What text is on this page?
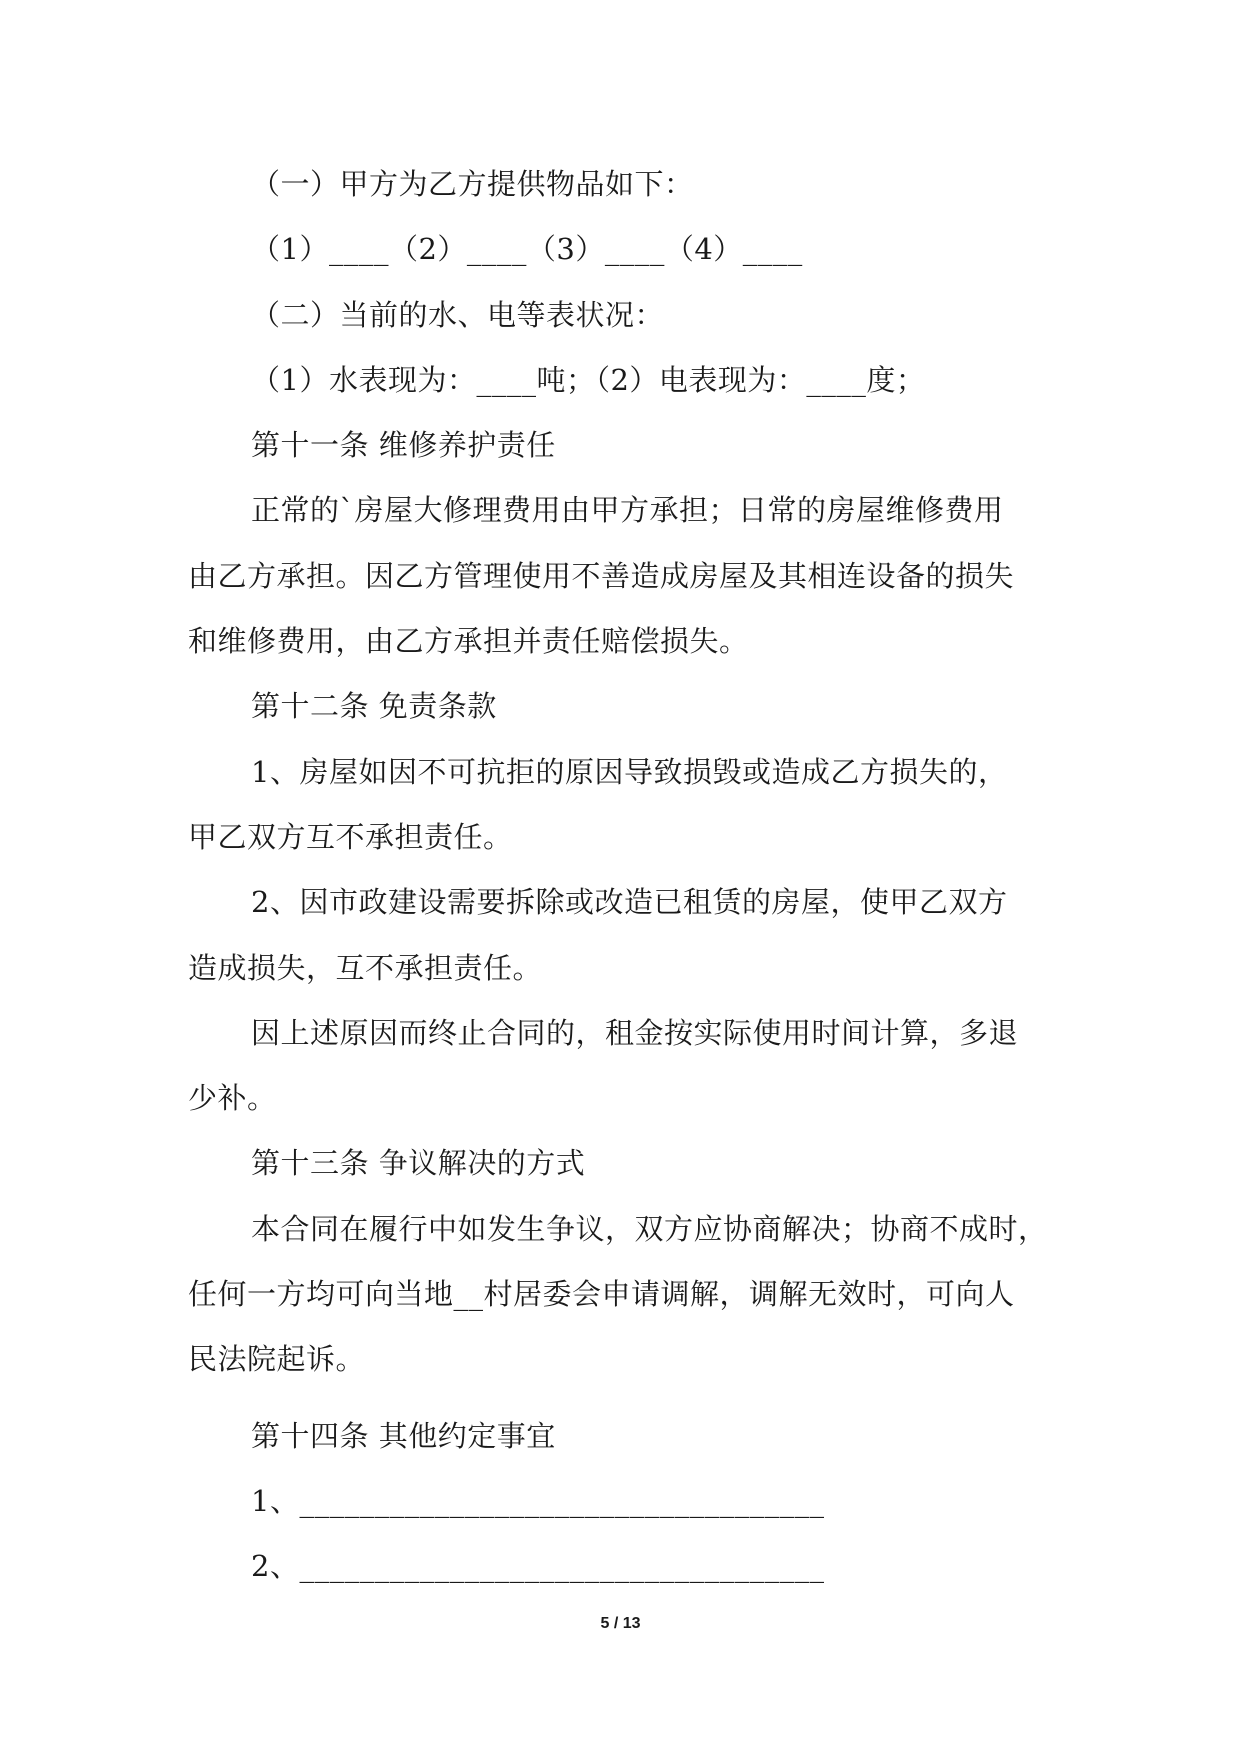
（一）甲方为乙方提供物品如下：
（1）____（2）____（3）____（4）____
（二）当前的水、电等表状况：
（1）水表现为：____吨；（2）电表现为：____度；
第十一条 维修养护责任
正常的`房屋大修理费用由甲方承担；日常的房屋维修费用
由乙方承担。因乙方管理使用不善造成房屋及其相连设备的损失
和维修费用，由乙方承担并责任赔偿损失。
第十二条 免责条款
1、房屋如因不可抗拒的原因导致损毁或造成乙方损失的，
甲乙双方互不承担责任。
2、因市政建设需要拆除或改造已租赁的房屋，使甲乙双方
造成损失，互不承担责任。
因上述原因而终止合同的，租金按实际使用时间计算，多退
少补。
第十三条 争议解决的方式
本合同在履行中如发生争议，双方应协商解决；协商不成时，
任何一方均可向当地__村居委会申请调解，调解无效时，可向人
民法院起诉。
第十四条 其他约定事宜
1、___________________________________
2、___________________________________
5 / 13
